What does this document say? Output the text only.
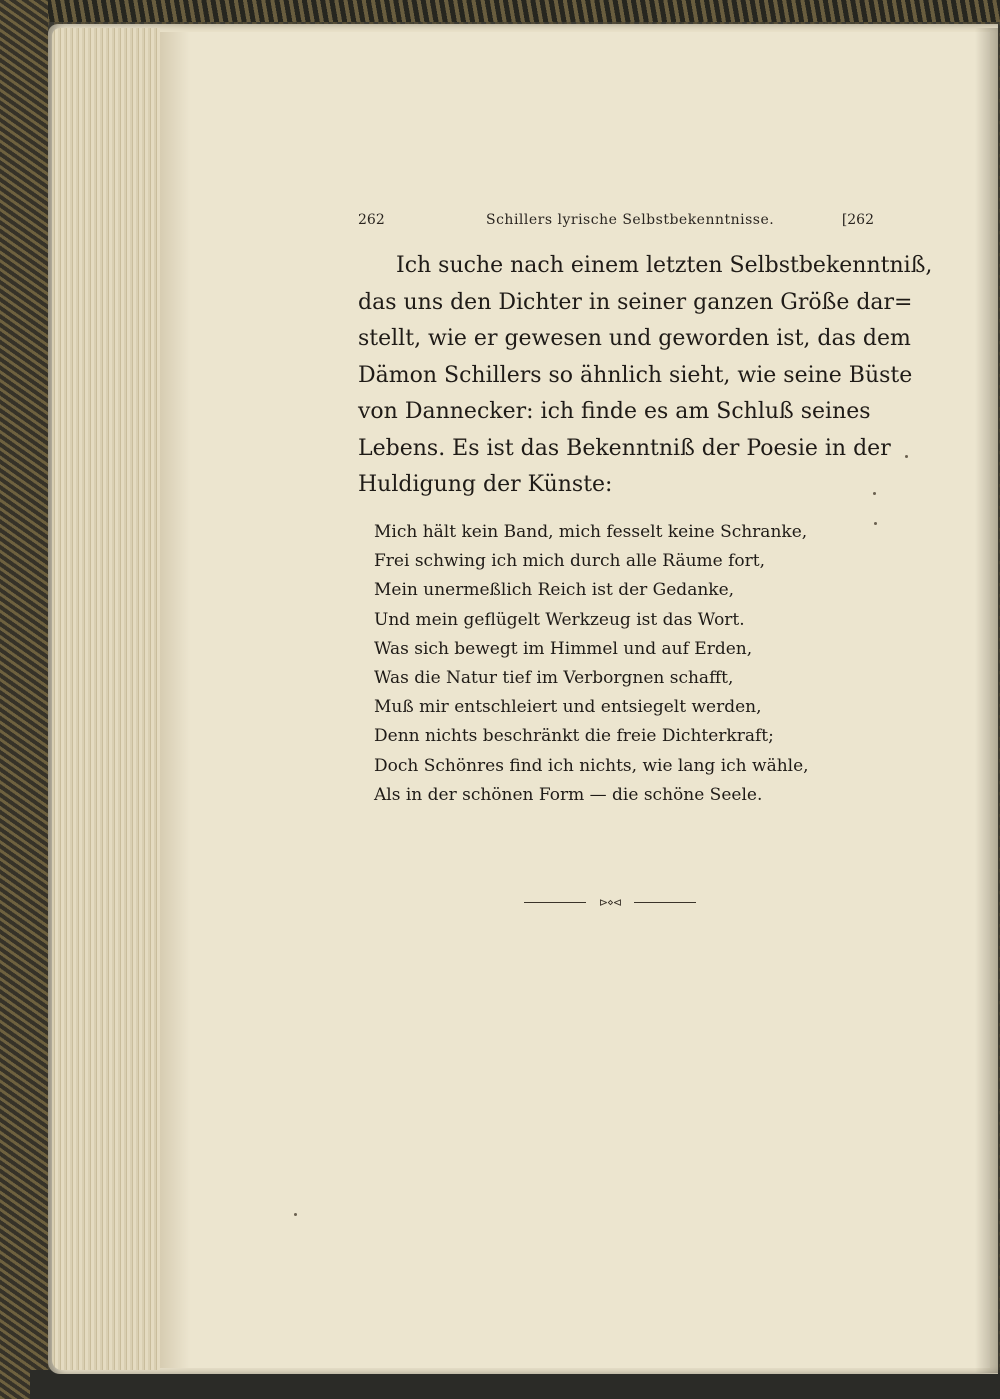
262	Schillers lyrische Selbstbekenntnisse.	[262
Ich suche nach einem letzten Selbstbekenntniß,
das uns den Dichter in seiner ganzen Größe dar=
stellt, wie er gewesen und geworden ist, das dem
Dämon Schillers so ähnlich sieht, wie seine Büste
von Dannecker: ich finde es am Schluß seines
Lebens. Es ist das Bekenntniß der Poesie in der
Huldigung der Künste:
Mich hält kein Band, mich fesselt keine Schranke,
Frei schwing ich mich durch alle Räume fort,
Mein unermeßlich Reich ist der Gedanke,
Und mein geflügelt Werkzeug ist das Wort.
Was sich bewegt im Himmel und auf Erden,
Was die Natur tief im Verborgnen schafft,
Muß mir entschleiert und entsiegelt werden,
Denn nichts beschränkt die freie Dichterkraft;
Doch Schönres find ich nichts, wie lang ich wähle,
Als in der schönen Form — die schöne Seele.
⊳⋄⊲
